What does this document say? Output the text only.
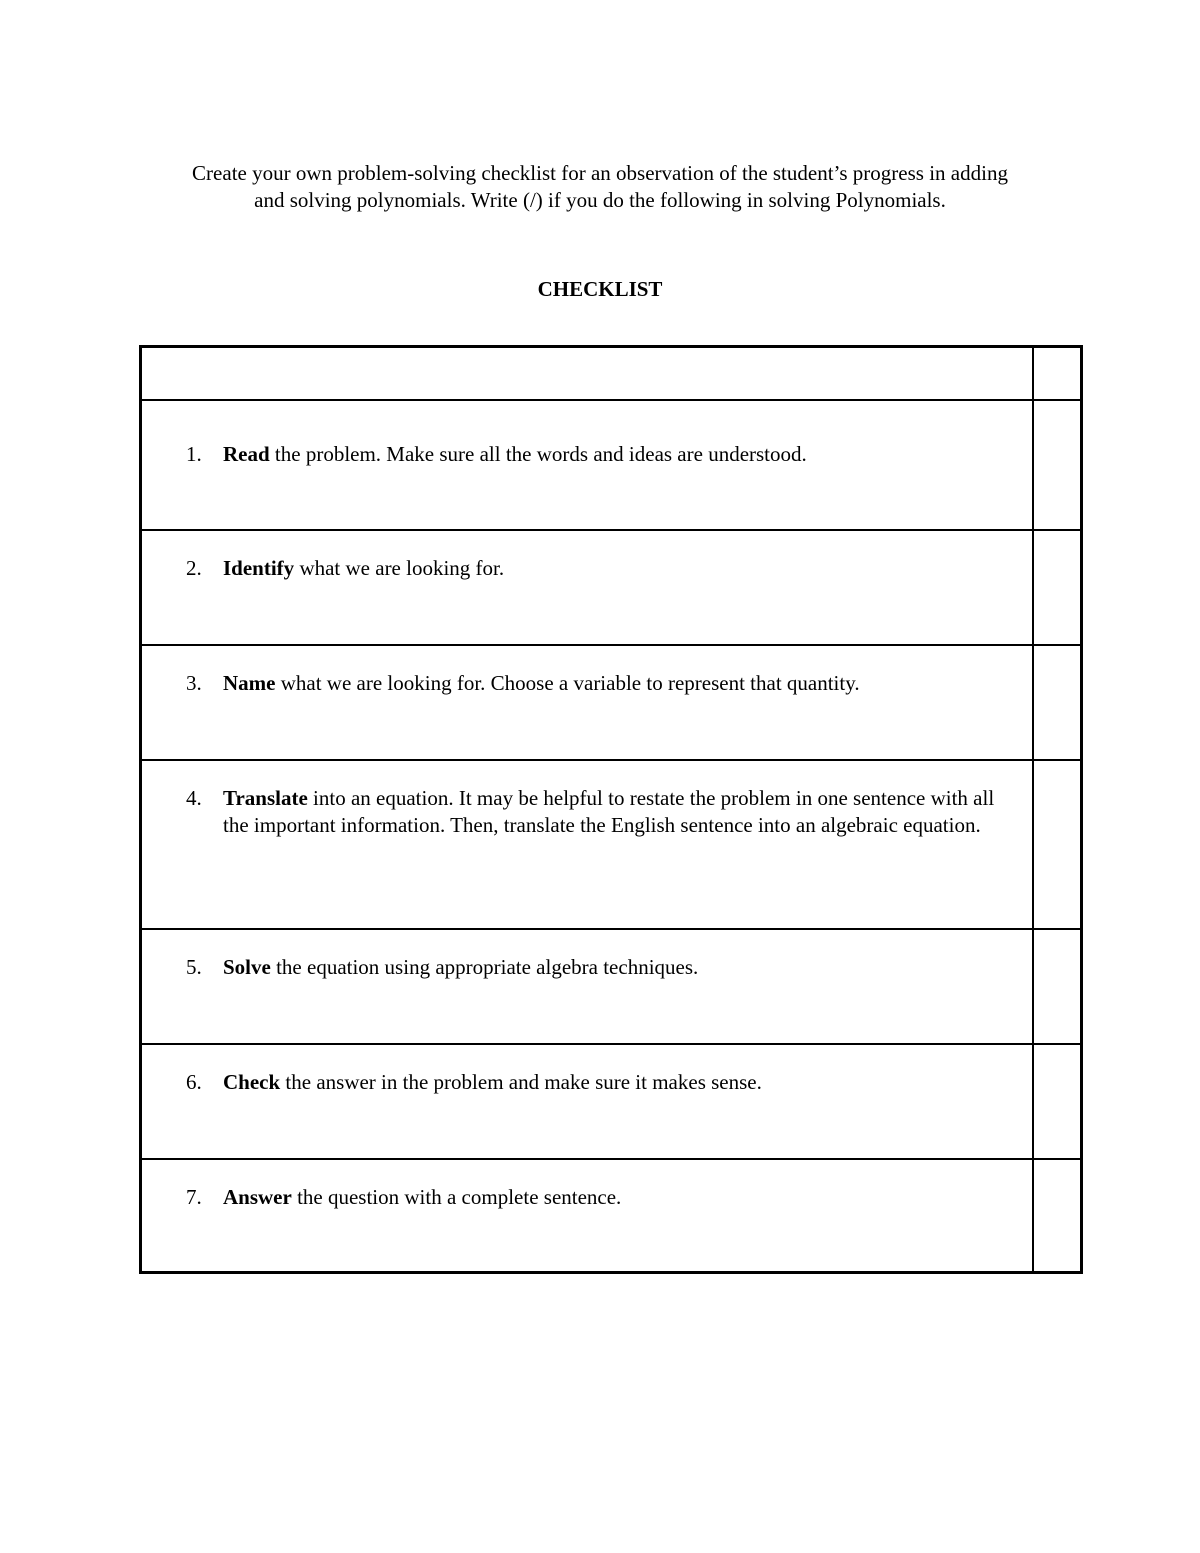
Create your own problem-solving checklist for an observation of the student’s progress in adding
and solving polynomials. Write (/) if you do the following in solving Polynomials.
CHECKLIST

1. Read the problem. Make sure all the words and ideas are understood.	

2. Identify what we are looking for.	

3. Name what we are looking for. Choose a variable to represent that quantity.	

4. Translate into an equation. It may be helpful to restate the problem in one sentence with all the important information. Then, translate the English sentence into an algebraic equation.	

5. Solve the equation using appropriate algebra techniques.	

6. Check the answer in the problem and make sure it makes sense.	

7. Answer the question with a complete sentence.	
